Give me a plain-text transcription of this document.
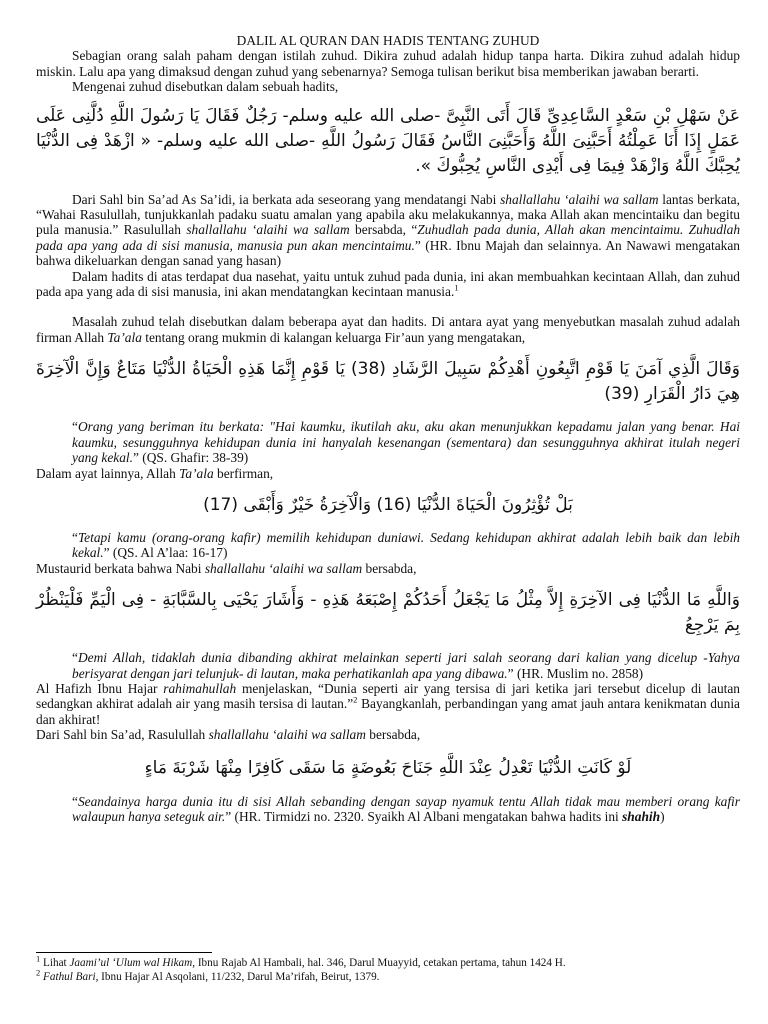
DALIL AL QURAN DAN HADIS TENTANG ZUHUD

Sebagian orang salah paham dengan istilah zuhud. Dikira zuhud adalah hidup tanpa harta. Dikira zuhud adalah hidup miskin. Lalu apa yang dimaksud dengan zuhud yang sebenarnya? Semoga tulisan berikut bisa memberikan jawaban berarti.

Mengenai zuhud disebutkan dalam sebuah hadits,

عَنْ سَهْلِ بْنِ سَعْدٍ السَّاعِدِىِّ قَالَ أَتَى النَّبِىَّ -صلى الله عليه وسلم- رَجُلٌ فَقَالَ يَا رَسُولَ اللَّهِ دُلَّنِى عَلَى عَمَلٍ إِذَا أَنَا عَمِلْتُهُ أَحَبَّنِىَ اللَّهُ وَأَحَبَّنِىَ النَّاسُ فَقَالَ رَسُولُ اللَّهِ -صلى الله عليه وسلم- « ازْهَدْ فِى الدُّنْيَا يُحِبَّكَ اللَّهُ وَازْهَدْ فِيمَا فِى أَيْدِى النَّاسِ يُحِبُّوكَ ».

Dari Sahl bin Sa’ad As Sa’idi, ia berkata ada seseorang yang mendatangi Nabi shallallahu ‘alaihi wa sallam lantas berkata, “Wahai Rasulullah, tunjukkanlah padaku suatu amalan yang apabila aku melakukannya, maka Allah akan mencintaiku dan begitu pula manusia.” Rasulullah shallallahu ‘alaihi wa sallam bersabda, “Zuhudlah pada dunia, Allah akan mencintaimu. Zuhudlah pada apa yang ada di sisi manusia, manusia pun akan mencintaimu.” (HR. Ibnu Majah dan selainnya. An Nawawi mengatakan bahwa dikeluarkan dengan sanad yang hasan)

Dalam hadits di atas terdapat dua nasehat, yaitu untuk zuhud pada dunia, ini akan membuahkan kecintaan Allah, dan zuhud pada apa yang ada di sisi manusia, ini akan mendatangkan kecintaan manusia.$^1$

Masalah zuhud telah disebutkan dalam beberapa ayat dan hadits. Di antara ayat yang menyebutkan masalah zuhud adalah firman Allah Ta’ala tentang orang mukmin di kalangan keluarga Fir’aun yang mengatakan,

وَقَالَ الَّذِي آمَنَ يَا قَوْمِ اتَّبِعُونِ أَهْدِكُمْ سَبِيلَ الرَّشَادِ (38) يَا قَوْمِ إِنَّمَا هَذِهِ الْحَيَاةُ الدُّنْيَا مَتَاعٌ وَإِنَّ الْآخِرَةَ هِيَ دَارُ الْقَرَارِ (39)

“Orang yang beriman itu berkata: "Hai kaumku, ikutilah aku, aku akan menunjukkan kepadamu jalan yang benar. Hai kaumku, sesungguhnya kehidupan dunia ini hanyalah kesenangan (sementara) dan sesungguhnya akhirat itulah negeri yang kekal.” (QS. Ghafir: 38-39)

Dalam ayat lainnya, Allah Ta’ala berfirman,

بَلْ تُؤْثِرُونَ الْحَيَاةَ الدُّنْيَا (16) وَالْآخِرَةُ خَيْرٌ وَأَبْقَى (17)

“Tetapi kamu (orang-orang kafir) memilih kehidupan duniawi. Sedang kehidupan akhirat adalah lebih baik dan lebih kekal.” (QS. Al A’laa: 16-17)

Mustaurid berkata bahwa Nabi shallallahu ‘alaihi wa sallam bersabda,

وَاللَّهِ مَا الدُّنْيَا فِى الآخِرَةِ إِلاَّ مِثْلُ مَا يَجْعَلُ أَحَدُكُمْ إِصْبَعَهُ هَذِهِ - وَأَشَارَ يَحْيَى بِالسَّبَّابَةِ - فِى الْيَمِّ فَلْيَنْظُرْ بِمَ يَرْجِعُ

“Demi Allah, tidaklah dunia dibanding akhirat melainkan seperti jari salah seorang dari kalian yang dicelup -Yahya berisyarat dengan jari telunjuk- di lautan, maka perhatikanlah apa yang dibawa.” (HR. Muslim no. 2858)

Al Hafizh Ibnu Hajar rahimahullah menjelaskan, “Dunia seperti air yang tersisa di jari ketika jari tersebut dicelup di lautan sedangkan akhirat adalah air yang masih tersisa di lautan.”$^2$ Bayangkanlah, perbandingan yang amat jauh antara kenikmatan dunia dan akhirat!

Dari Sahl bin Sa’ad, Rasulullah shallallahu ‘alaihi wa sallam bersabda,

لَوْ كَانَتِ الدُّنْيَا تَعْدِلُ عِنْدَ اللَّهِ جَنَاحَ بَعُوضَةٍ مَا سَقَى كَافِرًا مِنْهَا شَرْبَةَ مَاءٍ

“Seandainya harga dunia itu di sisi Allah sebanding dengan sayap nyamuk tentu Allah tidak mau memberi orang kafir walaupun hanya seteguk air.” (HR. Tirmidzi no. 2320. Syaikh Al Albani mengatakan bahwa hadits ini shahih)

$^1$ Lihat Jaami’ul ‘Ulum wal Hikam, Ibnu Rajab Al Hambali, hal. 346, Darul Muayyid, cetakan pertama, tahun 1424 H.
$^2$ Fathul Bari, Ibnu Hajar Al Asqolani, 11/232, Darul Ma’rifah, Beirut, 1379.
